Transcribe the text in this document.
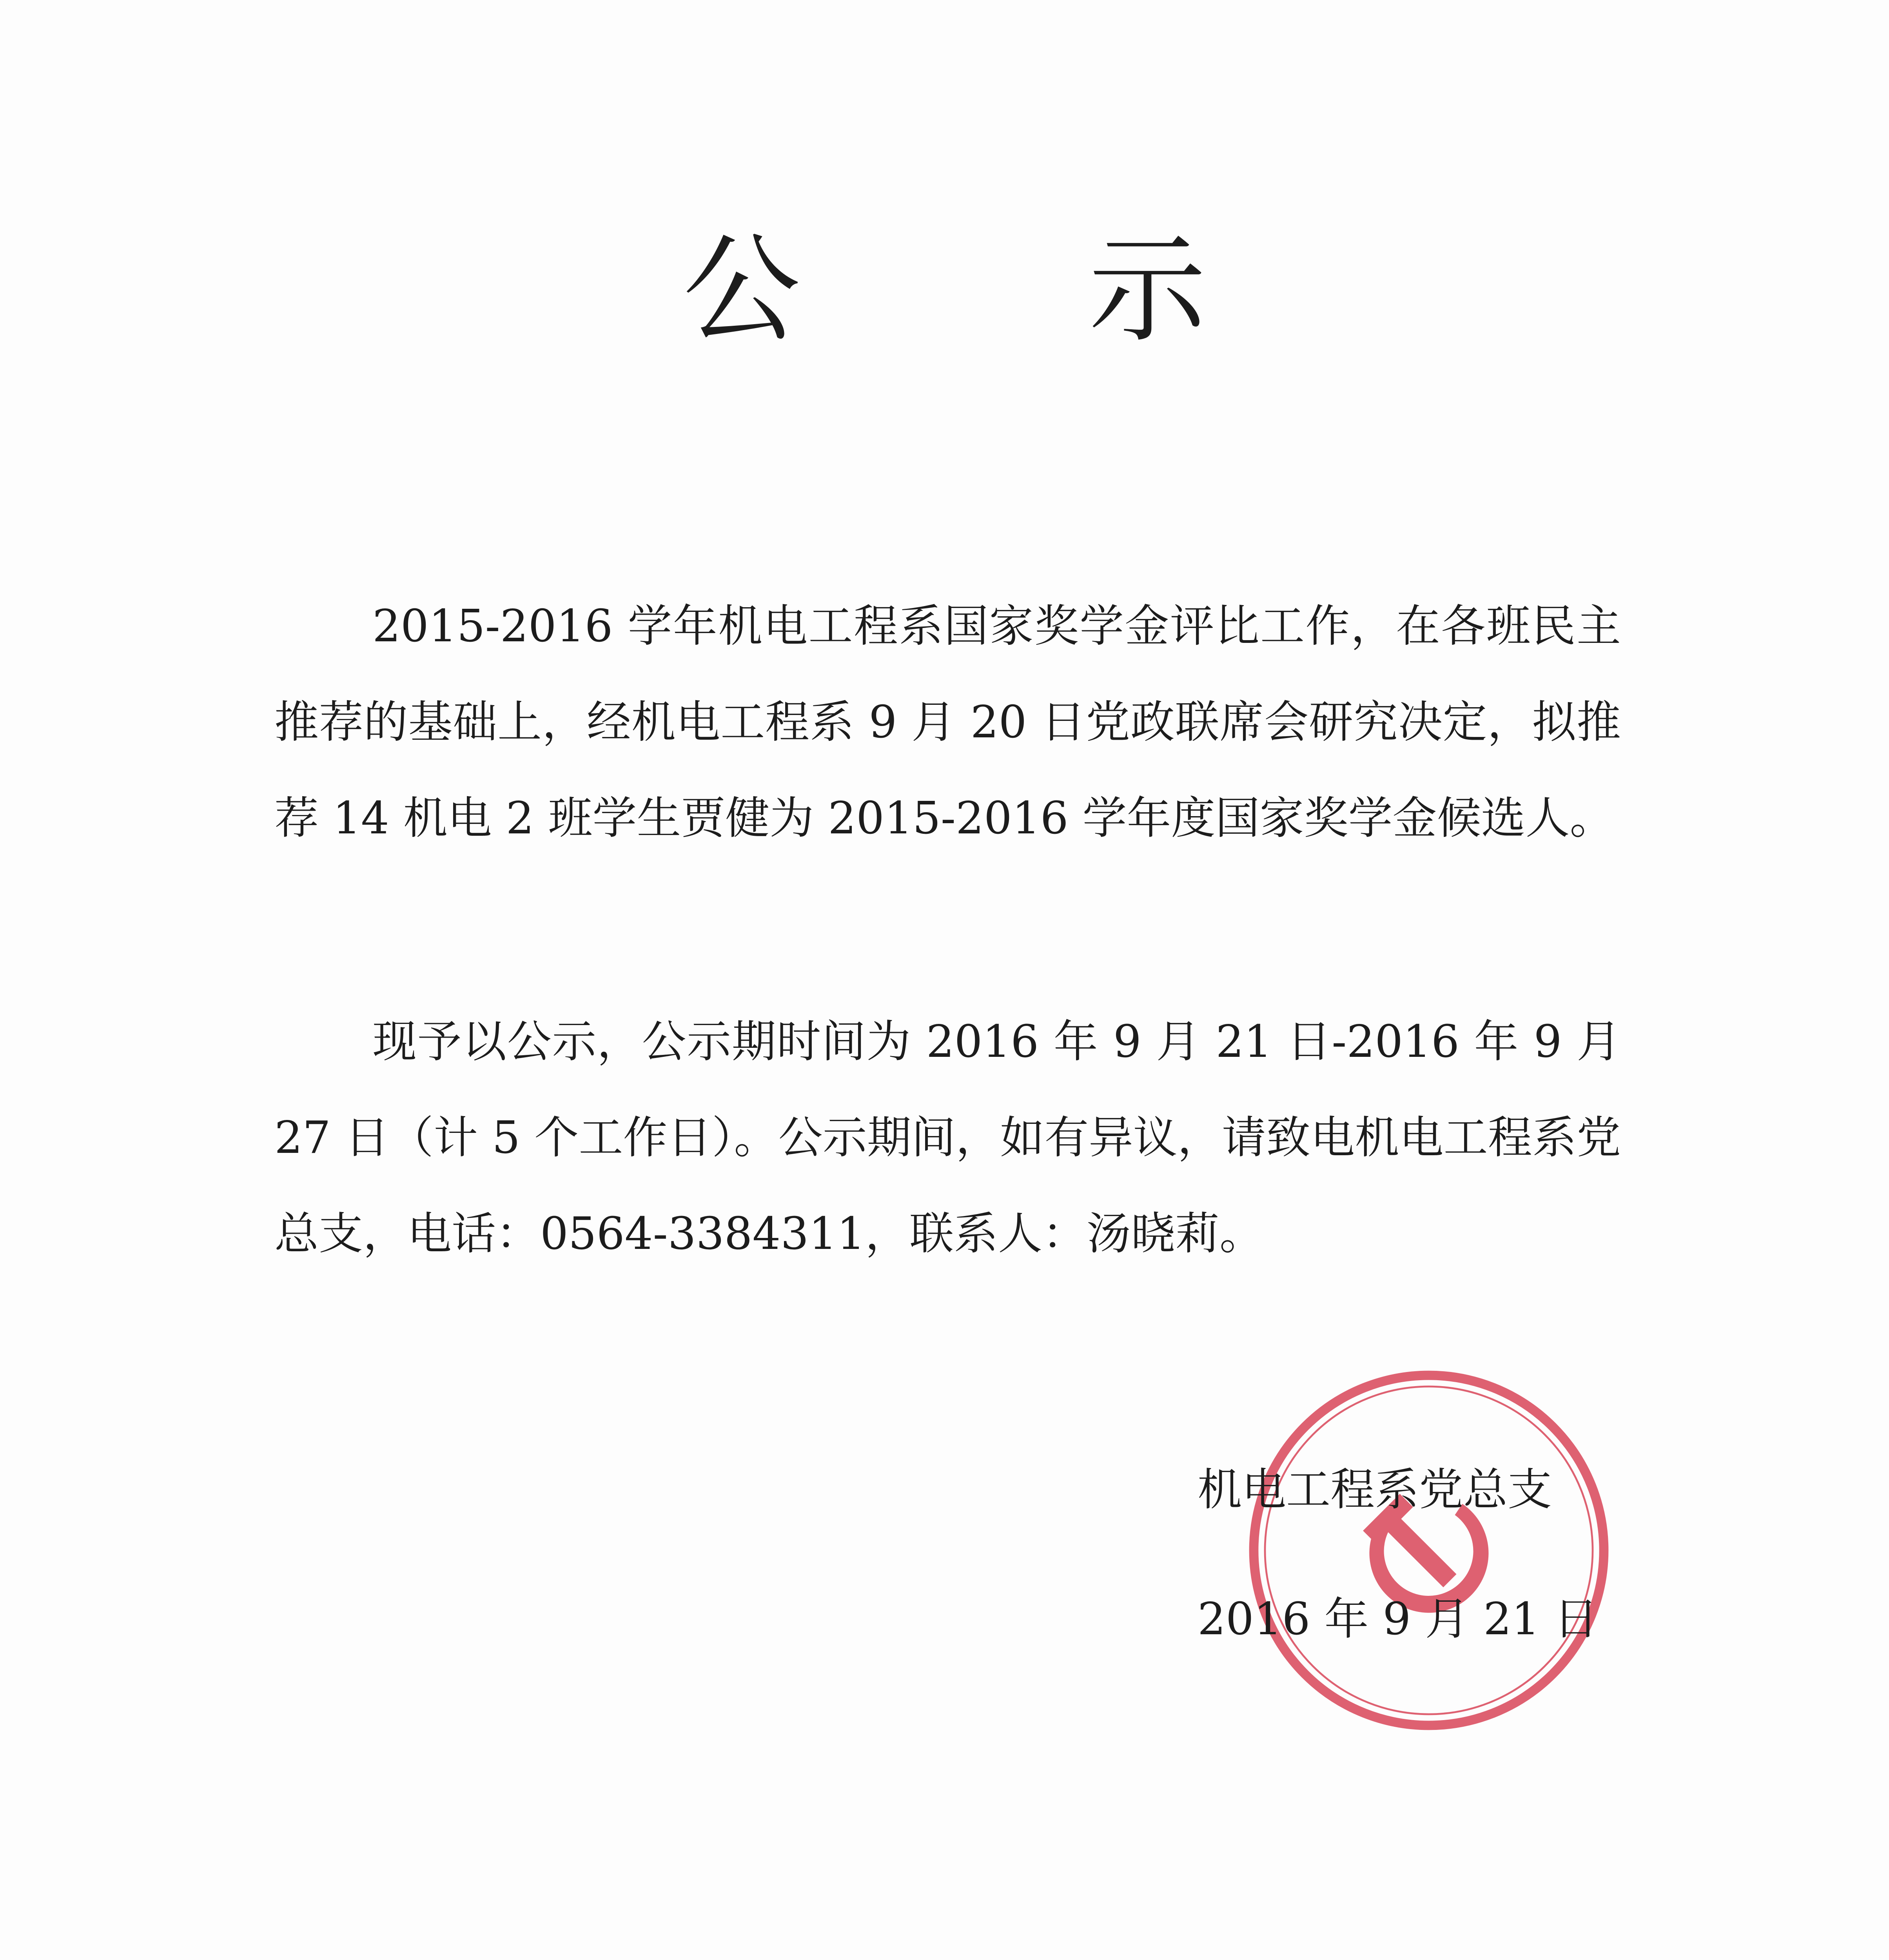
公 示

2015-2016 学年机电工程系国家奖学金评比工作，在各班民主推荐的基础上，经机电工程系 9 月 20 日党政联席会研究决定，拟推荐 14 机电 2 班学生贾健为 2015-2016 学年度国家奖学金候选人。

现予以公示，公示期时间为 2016 年 9 月 21 日-2016 年 9 月 27 日（计 5 个工作日）。公示期间，如有异议，请致电机电工程系党总支，电话：0564-3384311，联系人：汤晓莉。

机电工程系党总支

2016 年 9 月 21 日
